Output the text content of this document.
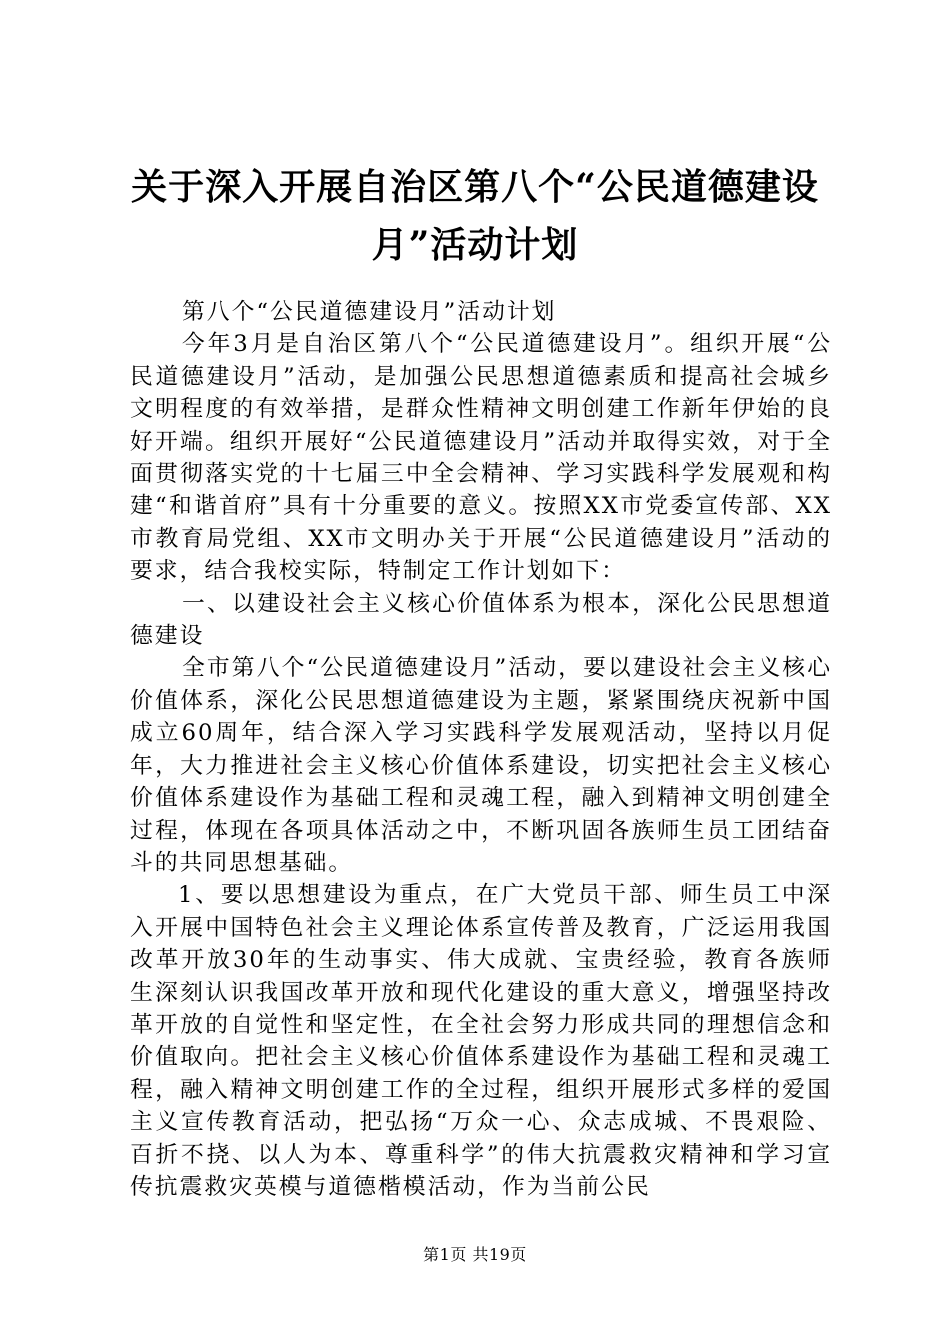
关于深入开展自治区第八个“公民道德建设月”活动计划

第八个“公民道德建设月”活动计划

今年3月是自治区第八个“公民道德建设月”。组织开展“公民道德建设月”活动，是加强公民思想道德素质和提高社会城乡文明程度的有效举措，是群众性精神文明创建工作新年伊始的良好开端。组织开展好“公民道德建设月”活动并取得实效，对于全面贯彻落实党的十七届三中全会精神、学习实践科学发展观和构建“和谐首府”具有十分重要的意义。按照XX市党委宣传部、XX市教育局党组、XX市文明办关于开展“公民道德建设月”活动的要求，结合我校实际，特制定工作计划如下：

一、以建设社会主义核心价值体系为根本，深化公民思想道德建设

全市第八个“公民道德建设月”活动，要以建设社会主义核心价值体系，深化公民思想道德建设为主题，紧紧围绕庆祝新中国成立60周年，结合深入学习实践科学发展观活动，坚持以月促年，大力推进社会主义核心价值体系建设，切实把社会主义核心价值体系建设作为基础工程和灵魂工程，融入到精神文明创建全过程，体现在各项具体活动之中，不断巩固各族师生员工团结奋斗的共同思想基础。

1、要以思想建设为重点，在广大党员干部、师生员工中深入开展中国特色社会主义理论体系宣传普及教育，广泛运用我国改革开放30年的生动事实、伟大成就、宝贵经验，教育各族师生深刻认识我国改革开放和现代化建设的重大意义，增强坚持改革开放的自觉性和坚定性，在全社会努力形成共同的理想信念和价值取向。把社会主义核心价值体系建设作为基础工程和灵魂工程，融入精神文明创建工作的全过程，组织开展形式多样的爱国主义宣传教育活动，把弘扬“万众一心、众志成城、不畏艰险、百折不挠、以人为本、尊重科学”的伟大抗震救灾精神和学习宣传抗震救灾英模与道德楷模活动，作为当前公民

第1页 共19页
